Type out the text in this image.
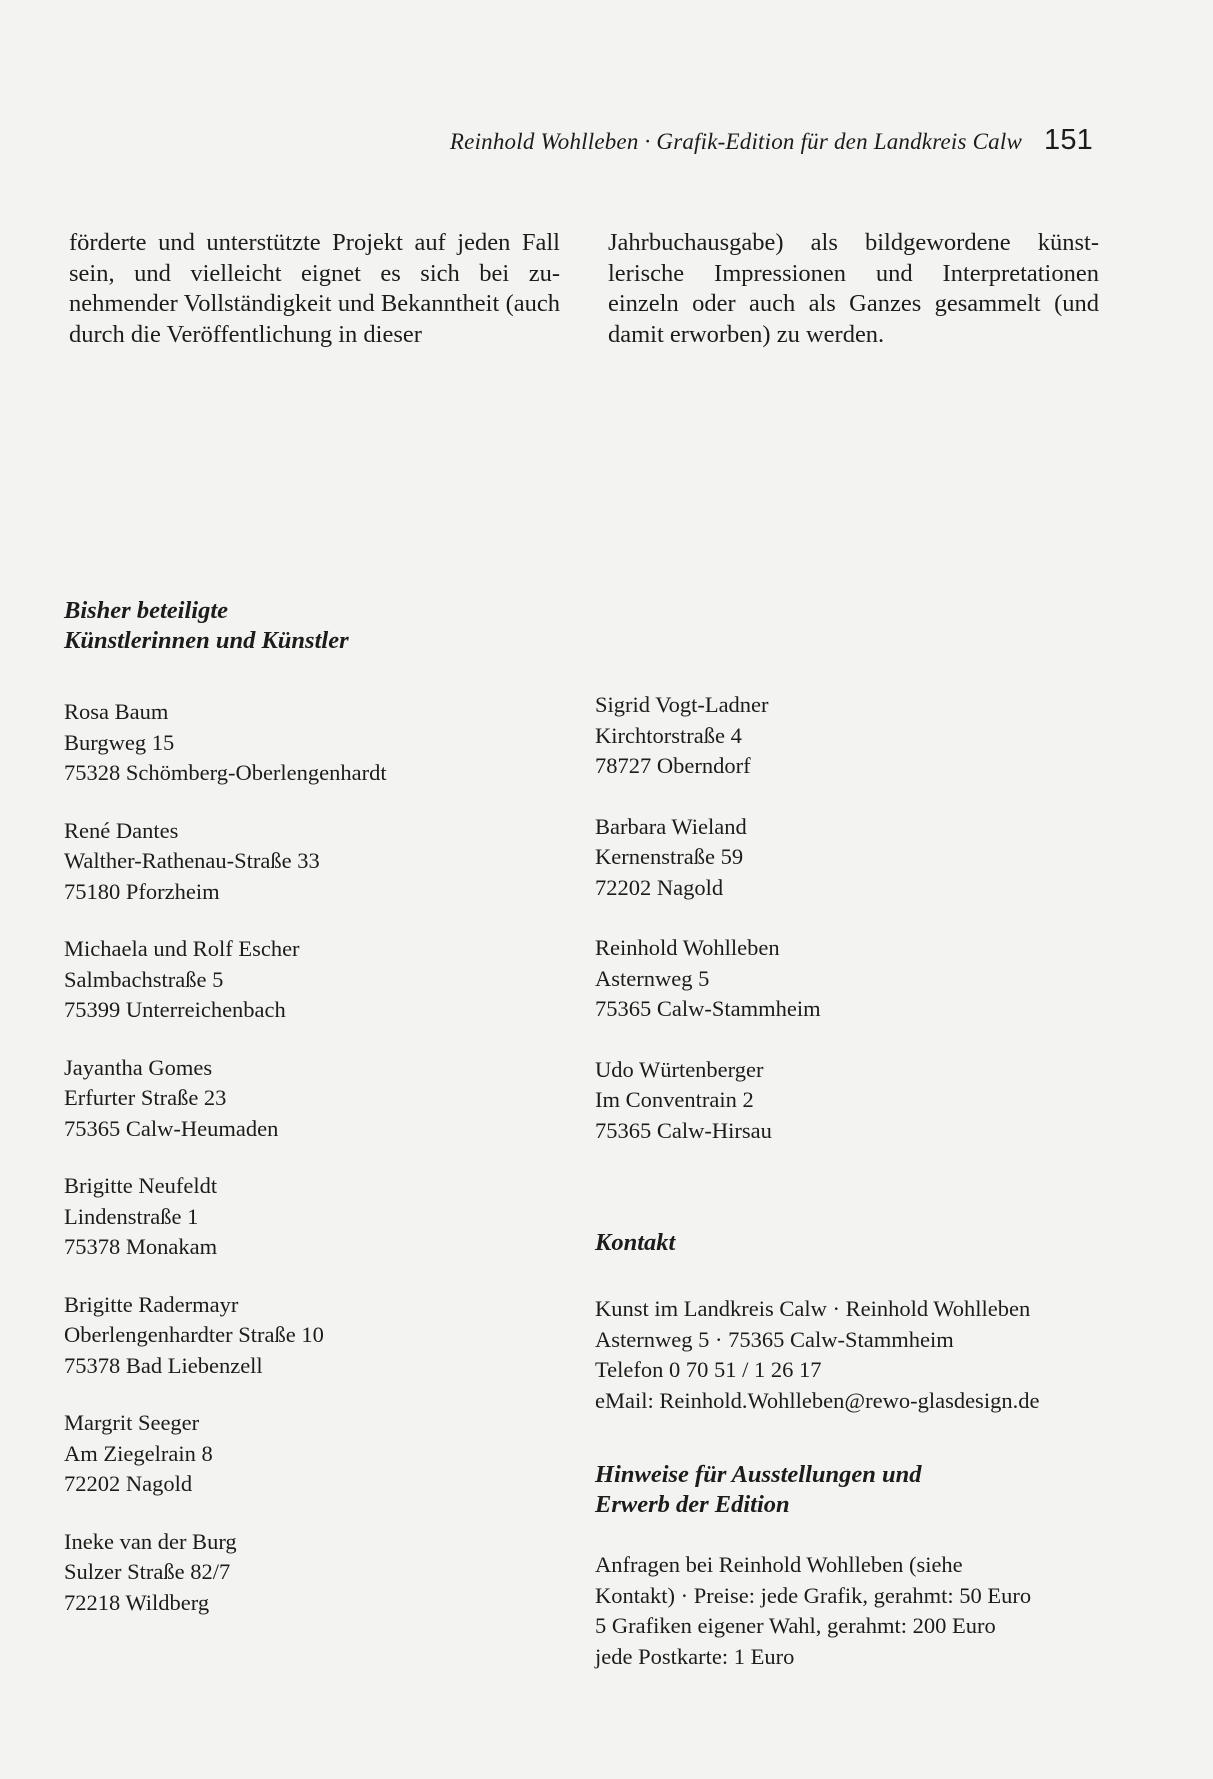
Reinhold Wohlleben · Grafik-Edition für den Landkreis Calw 151

förderte und unterstützte Projekt auf jeden Fall sein, und vielleicht eignet es sich bei zunehmender Vollständigkeit und Bekanntheit (auch durch die Veröffentlichung in dieser

Jahrbuchausgabe) als bildgewordene künstlerische Impressionen und Interpretationen einzeln oder auch als Ganzes gesammelt (und damit erworben) zu werden.

Bisher beteiligte
Künstlerinnen und Künstler
Rosa Baum
Burgweg 15
75328 Schömberg-Oberlengenhardt
René Dantes
Walther-Rathenau-Straße 33
75180 Pforzheim
Michaela und Rolf Escher
Salmbachstraße 5
75399 Unterreichenbach
Jayantha Gomes
Erfurter Straße 23
75365 Calw-Heumaden
Brigitte Neufeldt
Lindenstraße 1
75378 Monakam
Brigitte Radermayr
Oberlengenhardter Straße 10
75378 Bad Liebenzell
Margrit Seeger
Am Ziegelrain 8
72202 Nagold
Ineke van der Burg
Sulzer Straße 82/7
72218 Wildberg
Sigrid Vogt-Ladner
Kirchtorstraße 4
78727 Oberndorf
Barbara Wieland
Kernenstraße 59
72202 Nagold
Reinhold Wohlleben
Asternweg 5
75365 Calw-Stammheim
Udo Würtenberger
Im Conventrain 2
75365 Calw-Hirsau
Kontakt
Kunst im Landkreis Calw · Reinhold Wohlleben
Asternweg 5 · 75365 Calw-Stammheim
Telefon 0 70 51 / 1 26 17
eMail: Reinhold.Wohlleben@rewo-glasdesign.de
Hinweise für Ausstellungen und
Erwerb der Edition
Anfragen bei Reinhold Wohlleben (siehe
Kontakt) · Preise: jede Grafik, gerahmt: 50 Euro
5 Grafiken eigener Wahl, gerahmt: 200 Euro
jede Postkarte: 1 Euro
